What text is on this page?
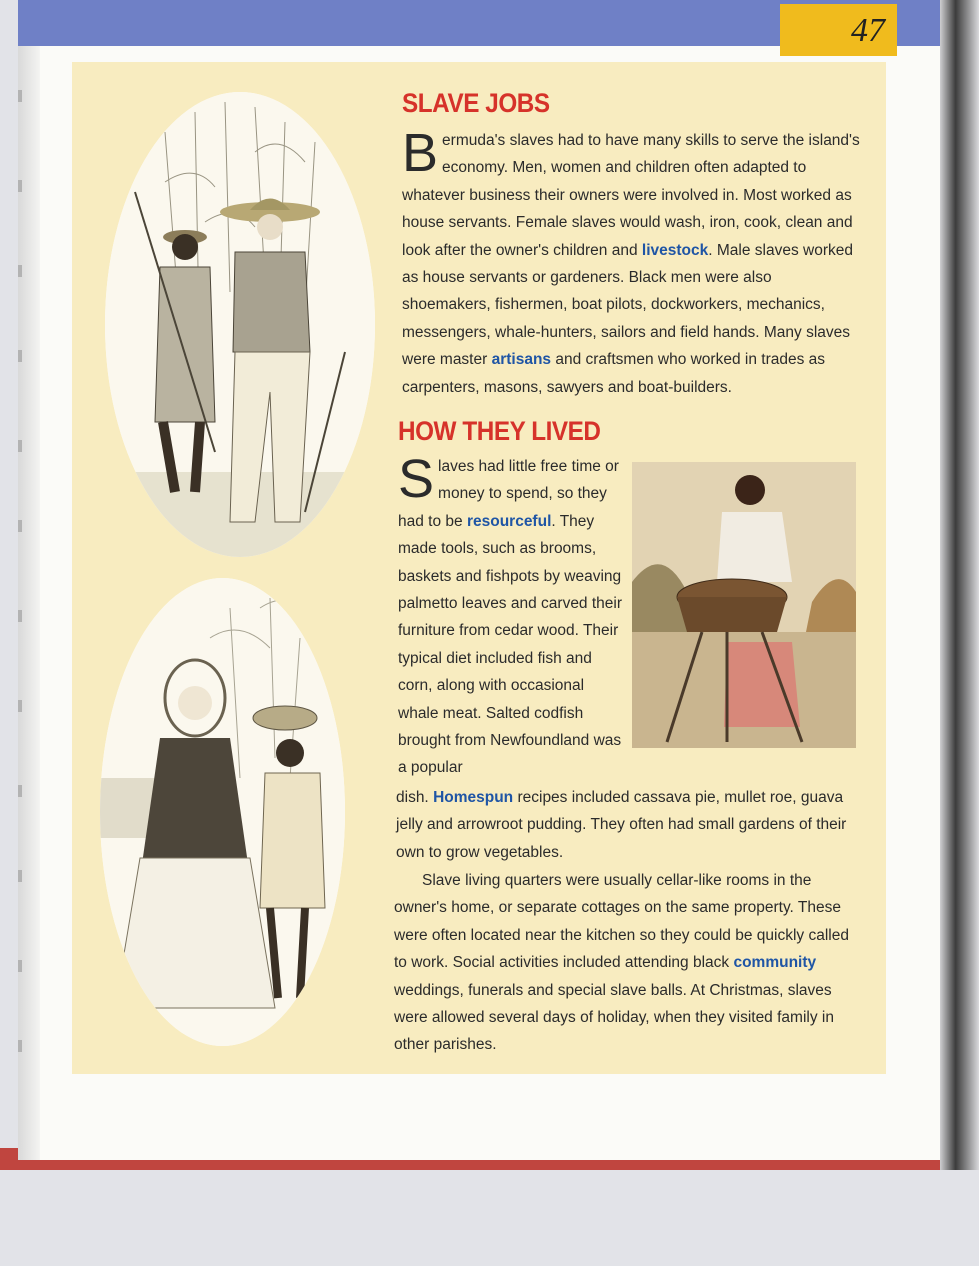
47
SLAVE JOBS
Bermuda's slaves had to have many skills to serve the island's economy. Men, women and children often adapted to whatever business their owners were involved in. Most worked as house servants. Female slaves would wash, iron, cook, clean and look after the owner's children and livestock. Male slaves worked as house servants or gardeners. Black men were also shoemakers, fishermen, boat pilots, dockworkers, mechanics, messengers, whale-hunters, sailors and field hands. Many slaves were master artisans and craftsmen who worked in trades as carpenters, masons, sawyers and boat-builders.
HOW THEY LIVED
Slaves had little free time or money to spend, so they had to be resourceful. They made tools, such as brooms, baskets and fishpots by weaving palmetto leaves and carved their furniture from cedar wood. Their typical diet included fish and corn, along with occasional whale meat. Salted codfish brought from Newfoundland was a popular
dish. Homespun recipes included cassava pie, mullet roe, guava jelly and arrowroot pudding. They often had small gardens of their own to grow vegetables.
Slave living quarters were usually cellar-like rooms in the owner's home, or separate cottages on the same property. These were often located near the kitchen so they could be quickly called to work. Social activities included attending black community weddings, funerals and special slave balls. At Christmas, slaves were allowed several days of holiday, when they visited family in other parishes.
